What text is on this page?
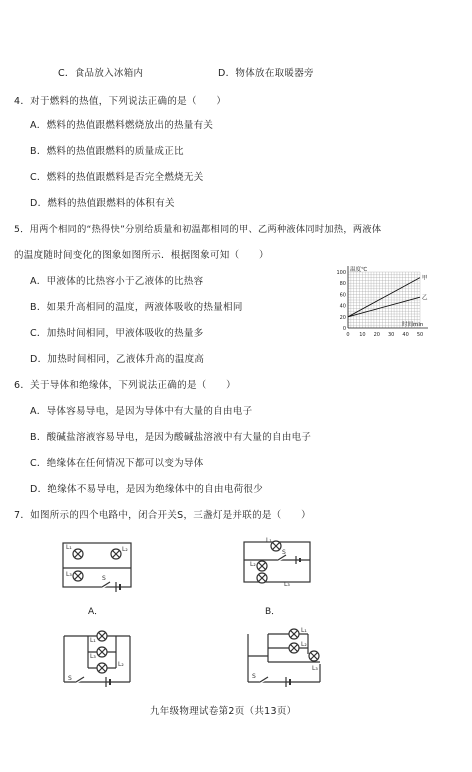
C．食品放入冰箱内	D．物体放在取暖器旁
4．对于燃料的热值，下列说法正确的是（　　）
A．燃料的热值跟燃料燃烧放出的热量有关
B．燃料的热值跟燃料的质量成正比
C．燃料的热值跟燃料是否完全燃烧无关
D．燃料的热值跟燃料的体积有关
5．用两个相同的“热得快”分别给质量和初温都相同的甲、乙两种液体同时加热，两液体
的温度随时间变化的图象如图所示．根据图象可知（　　）
A．甲液体的比热容小于乙液体的比热容
B．如果升高相同的温度，两液体吸收的热量相同
C．加热时间相同，甲液体吸收的热量多
D．加热时间相同，乙液体升高的温度高
6．关于导体和绝缘体，下列说法正确的是（　　）
A．导体容易导电，是因为导体中有大量的自由电子
B．酸碱盐溶液容易导电，是因为酸碱盐溶液中有大量的自由电子
C．绝缘体在任何情况下都可以变为导体
D．绝缘体不易导电，是因为绝缘体中的自由电荷很少
7．如图所示的四个电路中，闭合开关S，三盏灯是并联的是（　　）
0 10 20 30 40 50
0
20
40
60
80
100 温度℃
时间min
甲
乙
L₁	L₂
L₃
S
A．
L₁
L₂
L₃
S
B．
L₁
L₃
L₂
S
L₁
L₂
L₃
S
九年级物理试卷第2页（共13页）
